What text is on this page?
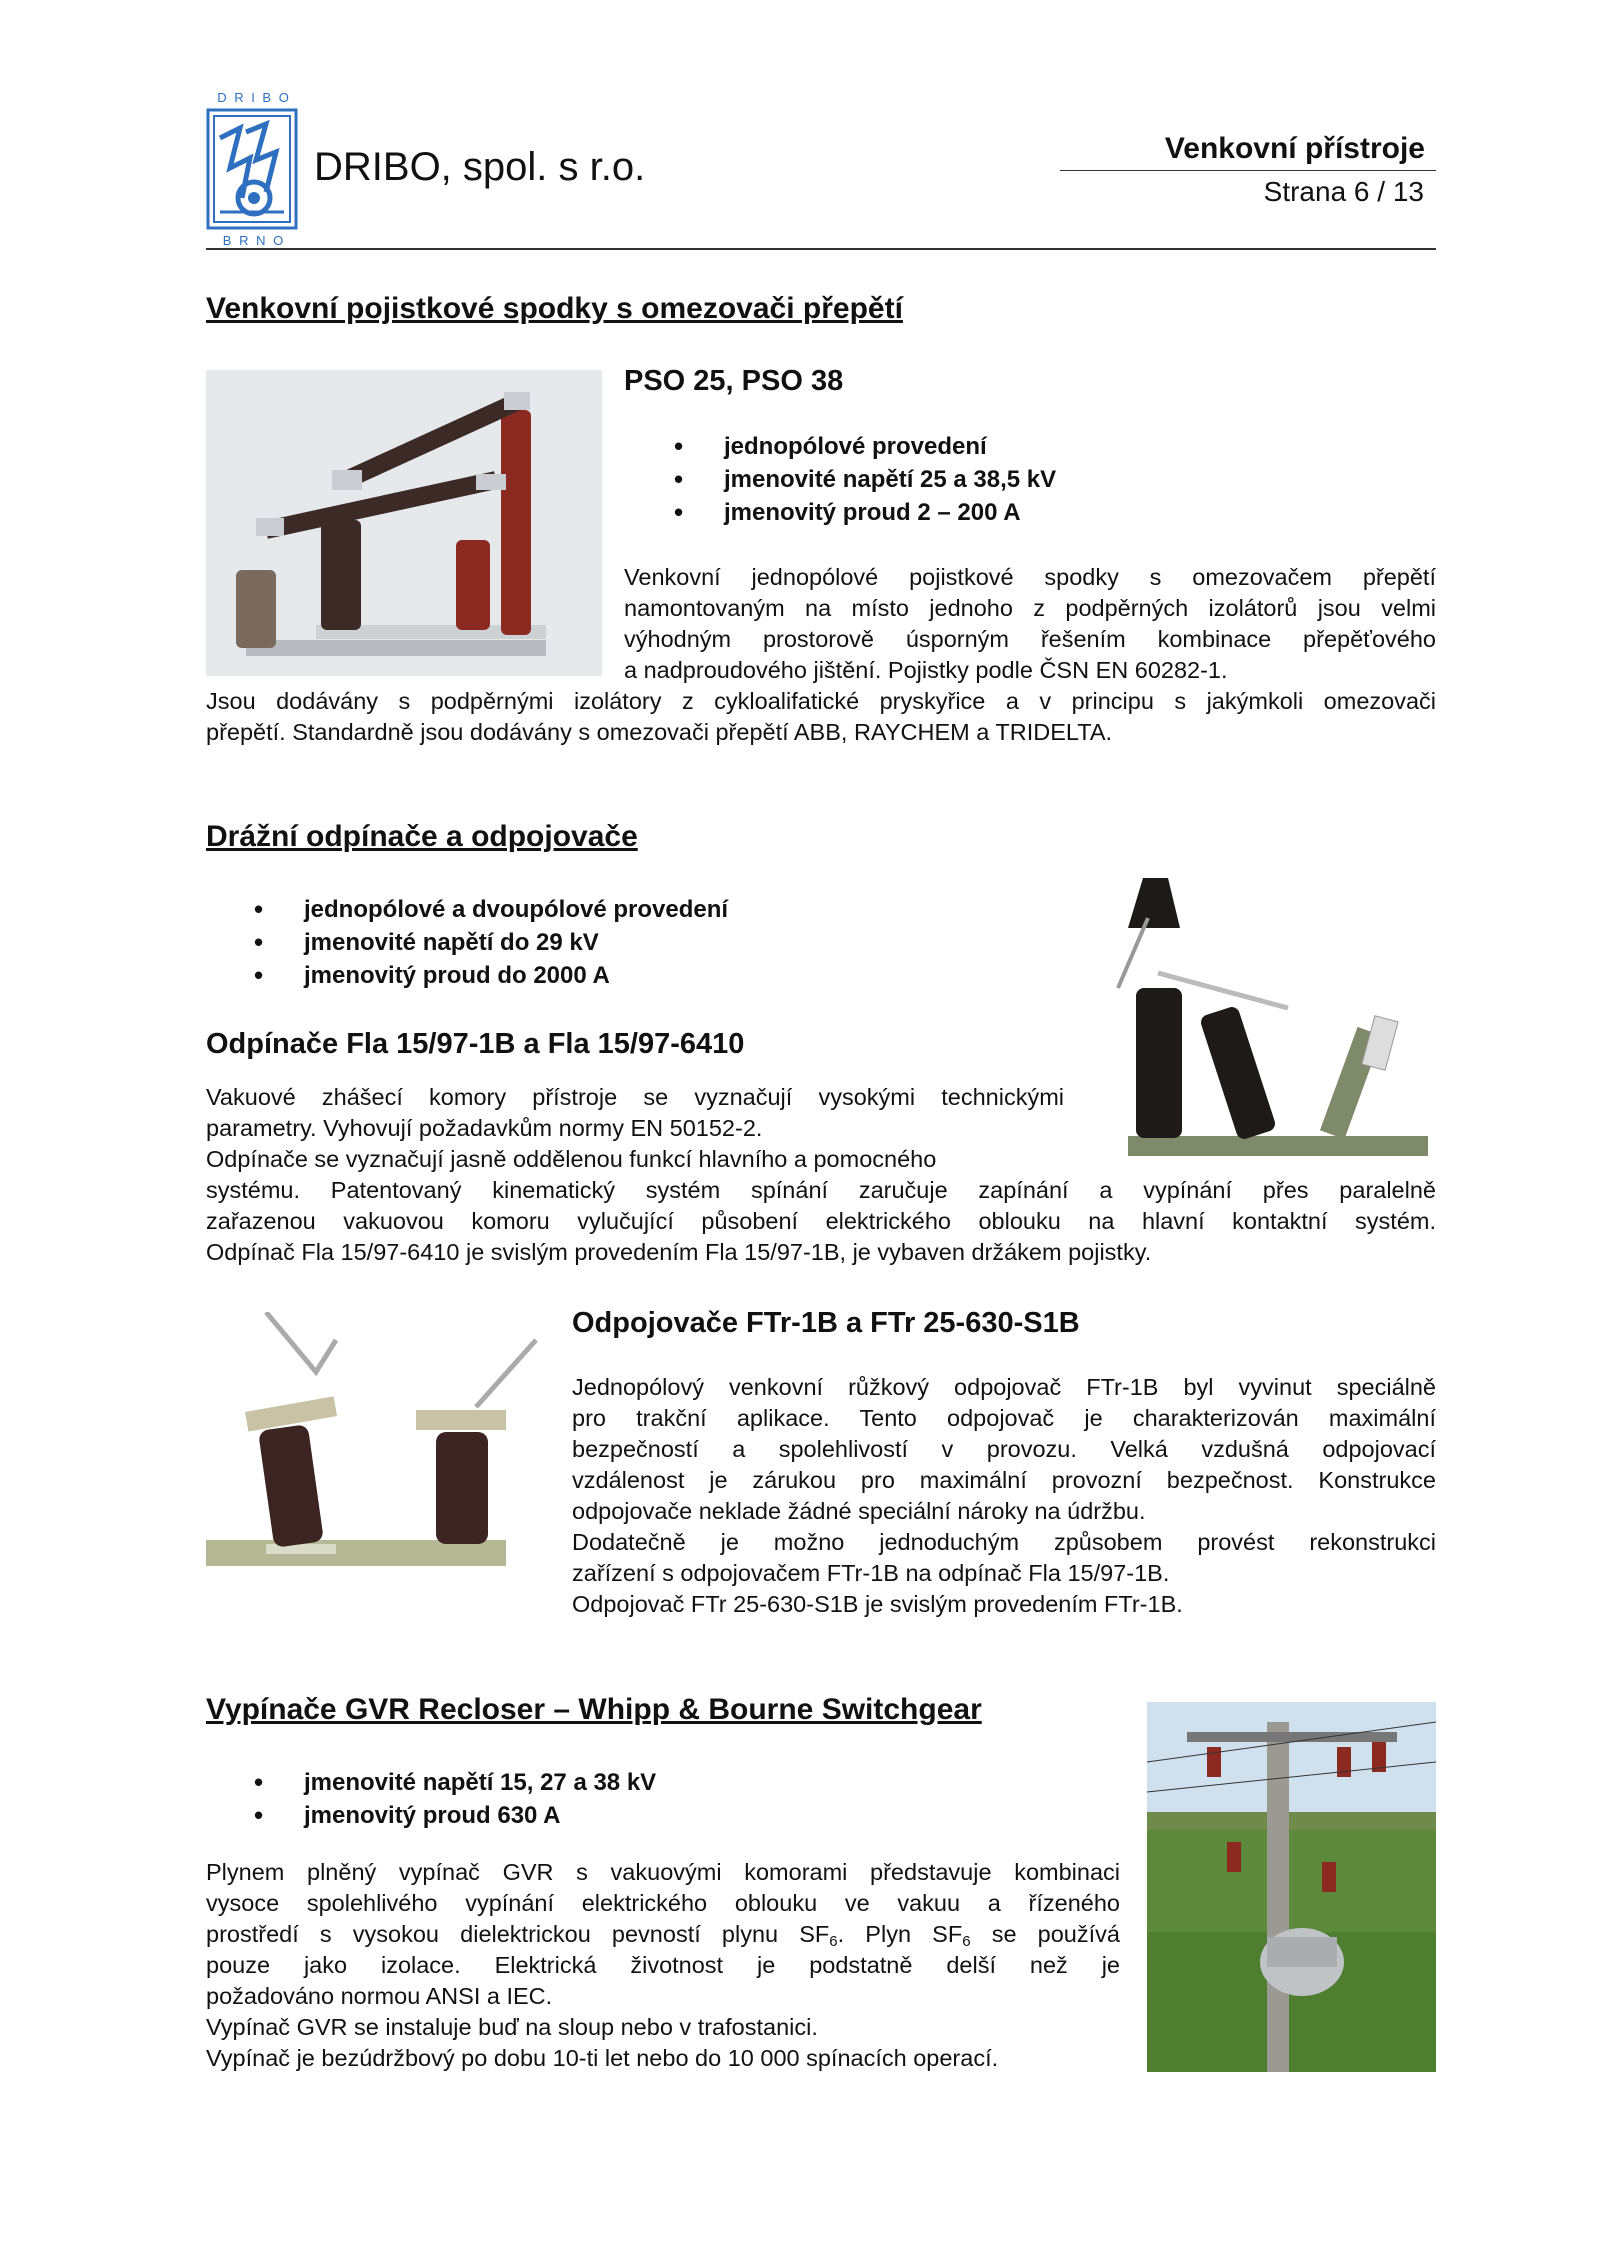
D R I B O
B R N O
DRIBO, spol. s r.o.	Venkovní přístroje
Strana 6 / 13
Venkovní pojistkové spodky s omezovači přepětí
PSO 25, PSO 38
• jednopólové provedení
• jmenovité napětí 25 a 38,5 kV
• jmenovitý proud 2 – 200 A

Venkovní jednopólové pojistkové spodky s omezovačem přepětí

namontovaným na místo jednoho z podpěrných izolátorů jsou velmi

výhodným prostorově úsporným řešením kombinace přepěťového

a nadproudového jištění. Pojistky podle ČSN EN 60282-1.

Jsou dodávány s podpěrnými izolátory z cykloalifatické pryskyřice a v principu s jakýmkoli omezovači

přepětí. Standardně jsou dodávány s omezovači přepětí ABB, RAYCHEM a TRIDELTA.

Drážní odpínače a odpojovače
• jednopólové a dvoupólové provedení
• jmenovité napětí do 29 kV
• jmenovitý proud do 2000 A
Odpínače Fla 15/97-1B a Fla 15/97-6410

Vakuové zhášecí komory přístroje se vyznačují vysokými technickými

parametry. Vyhovují požadavkům normy EN 50152-2.

Odpínače se vyznačují jasně oddělenou funkcí hlavního a pomocného

systému. Patentovaný kinematický systém spínání zaručuje zapínání a vypínání přes paralelně

zařazenou vakuovou komoru vylučující působení elektrického oblouku na hlavní kontaktní systém.

Odpínač Fla 15/97-6410 je svislým provedením Fla 15/97-1B, je vybaven držákem pojistky.

Odpojovače FTr-1B a FTr 25-630-S1B

Jednopólový venkovní růžkový odpojovač FTr-1B byl vyvinut speciálně

pro trakční aplikace. Tento odpojovač je charakterizován maximální

bezpečností a spolehlivostí v provozu. Velká vzdušná odpojovací

vzdálenost je zárukou pro maximální provozní bezpečnost. Konstrukce

odpojovače neklade žádné speciální nároky na údržbu.

Dodatečně je možno jednoduchým způsobem provést rekonstrukci

zařízení s odpojovačem FTr-1B na odpínač Fla 15/97-1B.

Odpojovač FTr 25-630-S1B je svislým provedením FTr-1B.

Vypínače GVR Recloser – Whipp & Bourne Switchgear
• jmenovité napětí 15, 27 a 38 kV
• jmenovitý proud 630 A

Plynem plněný vypínač GVR s vakuovými komorami představuje kombinaci

vysoce spolehlivého vypínání elektrického oblouku ve vakuu a řízeného

prostředí s vysokou dielektrickou pevností plynu $SF_6$. Plyn $SF_6$ se používá

pouze jako izolace. Elektrická životnost je podstatně delší než je

požadováno normou ANSI a IEC.

Vypínač GVR se instaluje buď na sloup nebo v trafostanici.

Vypínač je bezúdržbový po dobu 10-ti let nebo do 10 000 spínacích operací.
